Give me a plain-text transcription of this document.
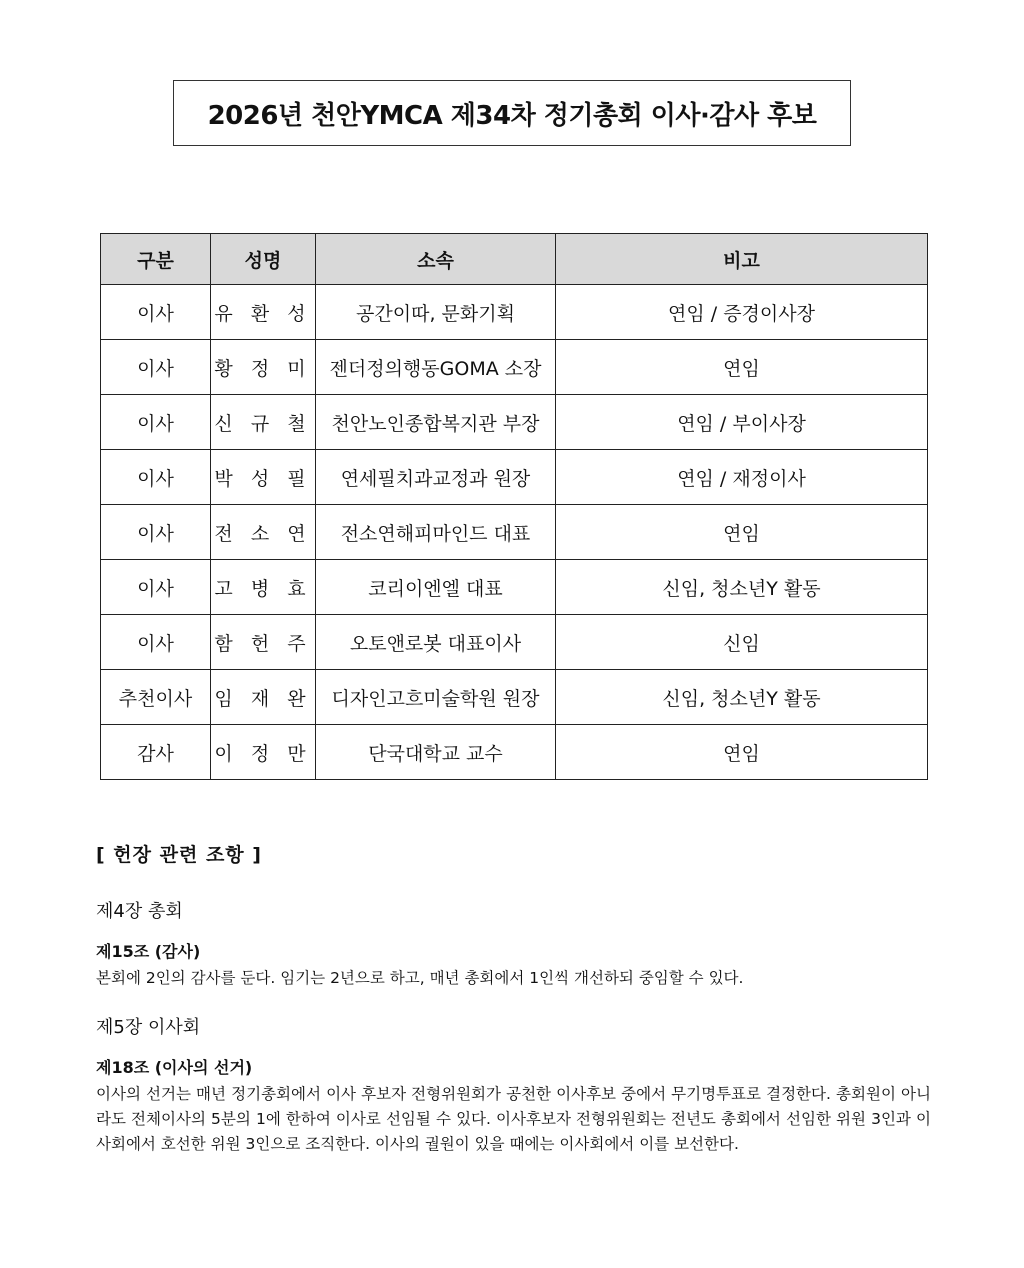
2026년 천안YMCA 제34차 정기총회 이사·감사 후보
구분	성명	소속	비고
이사	유 환 성	공간이따, 문화기획	연임 / 증경이사장
이사	황 정 미	젠더정의행동GOMA 소장	연임
이사	신 규 철	천안노인종합복지관 부장	연임 / 부이사장
이사	박 성 필	연세필치과교정과 원장	연임 / 재정이사
이사	전 소 연	전소연해피마인드 대표	연임
이사	고 병 효	코리이엔엘 대표	신임, 청소년Y 활동
이사	함 헌 주	오토앤로봇 대표이사	신임
추천이사	임 재 완	디자인고흐미술학원 원장	신임, 청소년Y 활동
감사	이 정 만	단국대학교 교수	연임

[ 헌장 관련 조항 ]

제4장 총회

제15조 (감사)

본회에 2인의 감사를 둔다. 임기는 2년으로 하고, 매년 총회에서 1인씩 개선하되 중임할 수 있다.

제5장 이사회

제18조 (이사의 선거)

이사의 선거는 매년 정기총회에서 이사 후보자 전형위원회가 공천한 이사후보 중에서 무기명투표로 결정한다. 총회원이 아니라도 전체이사의 5분의 1에 한하여 이사로 선임될 수 있다. 이사후보자 전형위원회는 전년도 총회에서 선임한 위원 3인과 이사회에서 호선한 위원 3인으로 조직한다. 이사의 궐원이 있을 때에는 이사회에서 이를 보선한다.
